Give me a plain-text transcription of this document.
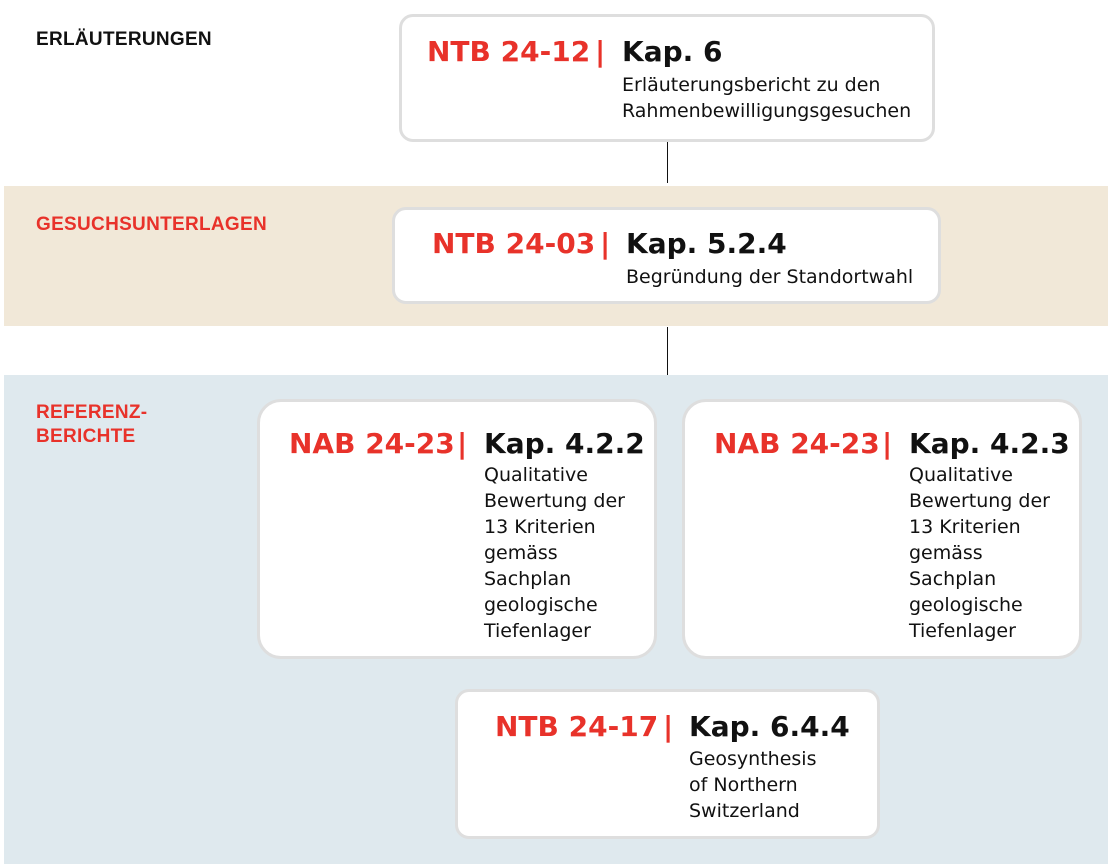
ERLÄUTERUNGEN
GESUCHSUNTERLAGEN
REFERENZ-
BERICHTE
NTB 24-12 | Kap. 6
Erläuterungsbericht zu den
Rahmenbewilligungsgesuchen
NTB 24-03 | Kap. 5.2.4
Begründung der Standortwahl
NAB 24-23 | Kap. 4.2.2
Qualitative
Bewertung der
13 Kriterien
gemäss
Sachplan
geologische
Tiefenlager
NAB 24-23 | Kap. 4.2.3
Qualitative
Bewertung der
13 Kriterien
gemäss
Sachplan
geologische
Tiefenlager
NTB 24-17 | Kap. 6.4.4
Geosynthesis
of Northern
Switzerland
